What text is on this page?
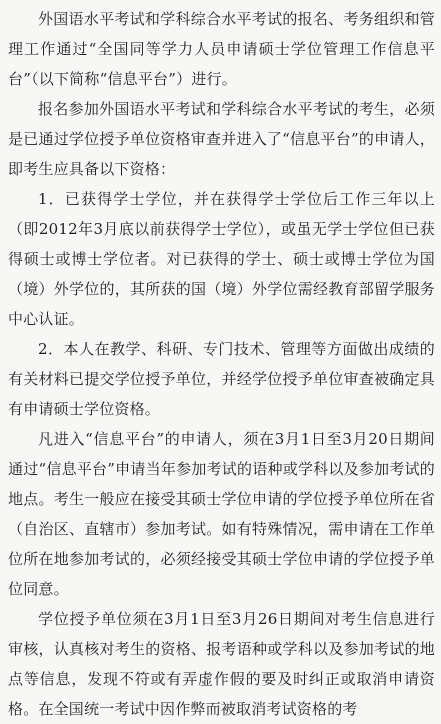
外国语水平考试和学科综合水平考试的报名、考务组织和管理工作通过“全国同等学力人员申请硕士学位管理工作信息平台”（以下简称“信息平台”）进行。

报名参加外国语水平考试和学科综合水平考试的考生，必须是已通过学位授予单位资格审查并进入了“信息平台”的申请人，即考生应具备以下资格：

1．已获得学士学位，并在获得学士学位后工作三年以上（即2012年3月底以前获得学士学位），或虽无学士学位但已获得硕士或博士学位者。对已获得的学士、硕士或博士学位为国（境）外学位的，其所获的国（境）外学位需经教育部留学服务中心认证。

2．本人在教学、科研、专门技术、管理等方面做出成绩的有关材料已提交学位授予单位，并经学位授予单位审查被确定具有申请硕士学位资格。

凡进入“信息平台”的申请人，须在3月1日至3月20日期间通过“信息平台”申请当年参加考试的语种或学科以及参加考试的地点。考生一般应在接受其硕士学位申请的学位授予单位所在省（自治区、直辖市）参加考试。如有特殊情况，需申请在工作单位所在地参加考试的，必须经接受其硕士学位申请的学位授予单位同意。

学位授予单位须在3月1日至3月26日期间对考生信息进行审核，认真核对考生的资格、报考语种或学科以及参加考试的地点等信息，发现不符或有弄虚作假的要及时纠正或取消申请资格。在全国统一考试中因作弊而被取消考试资格的考
